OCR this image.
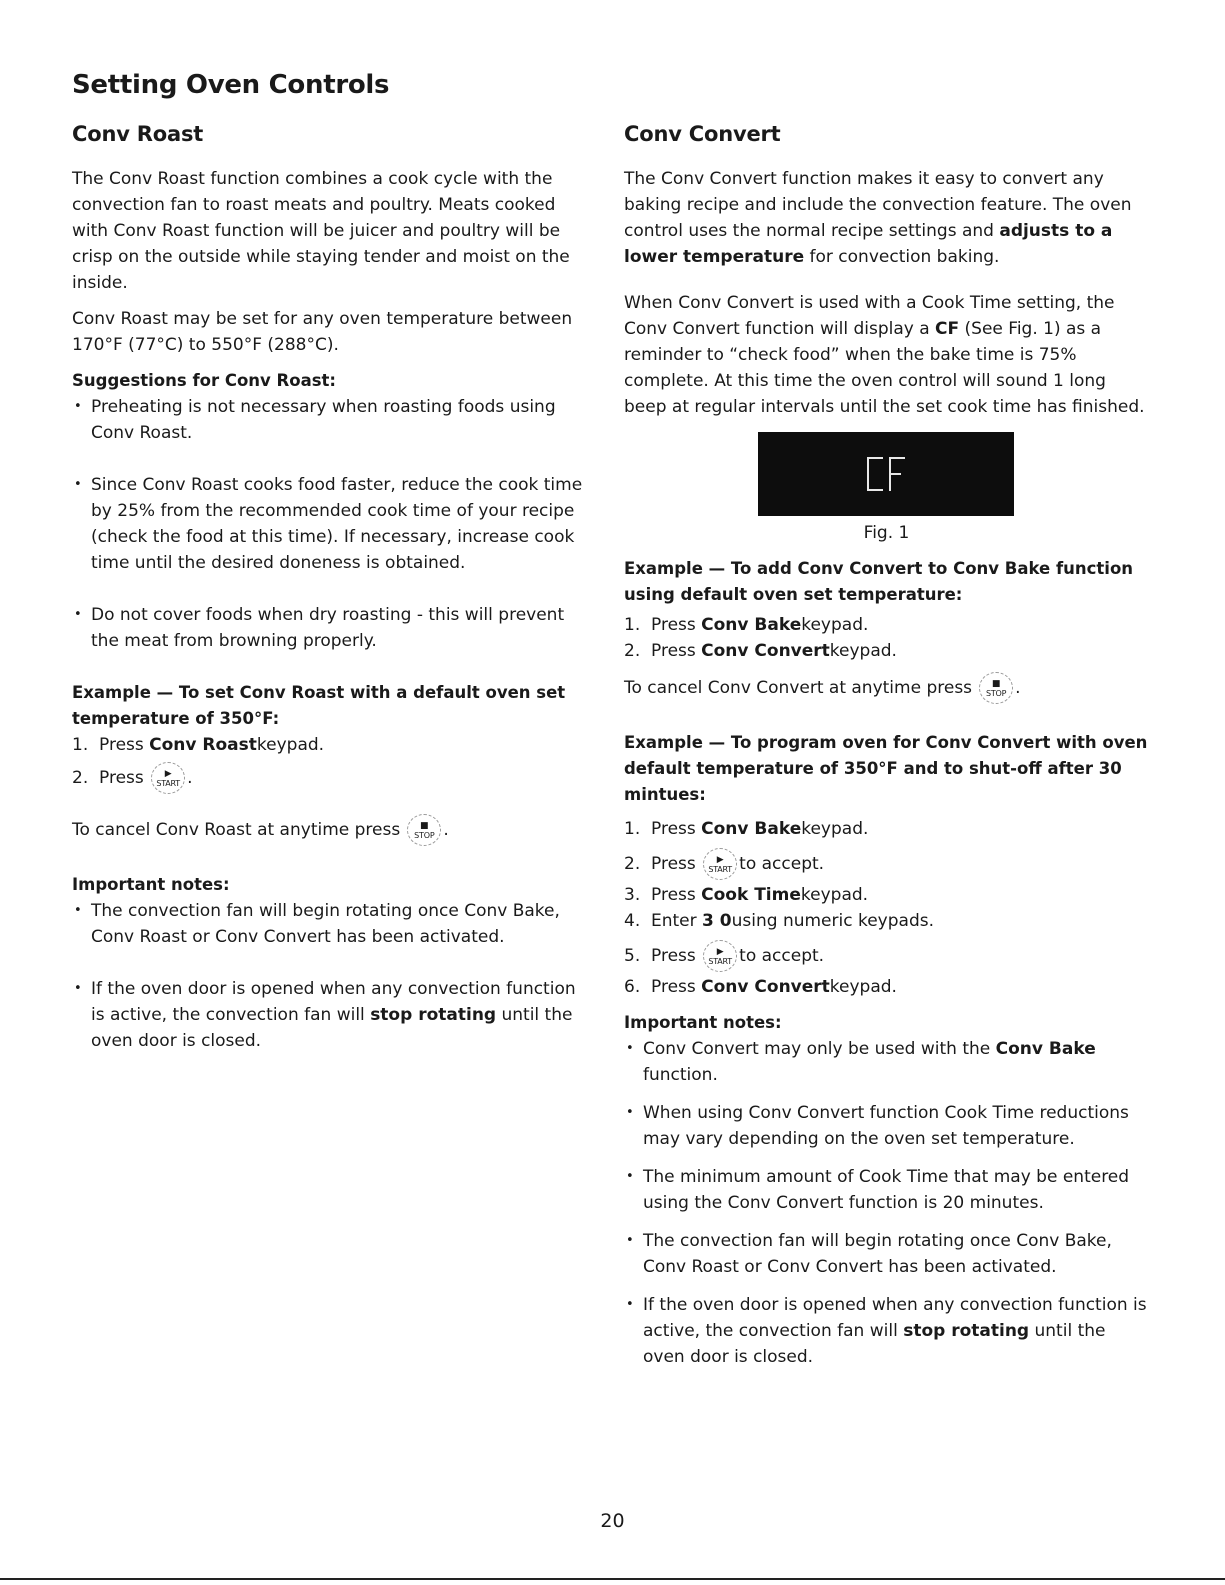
Setting Oven Controls
Conv Roast

The Conv Roast function combines a cook cycle with the convection fan to roast meats and poultry. Meats cooked with Conv Roast function will be juicer and poultry will be crisp on the outside while staying tender and moist on the inside.

Conv Roast may be set for any oven temperature between 170°F (77°C) to 550°F (288°C).

Suggestions for Conv Roast:

• Preheating is not necessary when roasting foods using Conv Roast.
• Since Conv Roast cooks food faster, reduce the cook time by 25% from the recommended cook time of your recipe (check the food at this time). If necessary, increase cook time until the desired doneness is obtained.
• Do not cover foods when dry roasting - this will prevent the meat from browning properly.

Example — To set Conv Roast with a default oven set temperature of 350°F:

1. Press
Conv Roast keypad.
2. Press
▶
START .

To cancel Conv Roast at anytime press

■
STOP .

Important notes:

• The convection fan will begin rotating once Conv Bake, Conv Roast or Conv Convert has been activated.
• If the oven door is opened when any convection function is active, the convection fan will stop rotating until the oven door is closed.
Conv Convert

The Conv Convert function makes it easy to convert any baking recipe and include the convection feature. The oven control uses the normal recipe settings and adjusts to a lower temperature for convection baking.

When Conv Convert is used with a Cook Time setting, the Conv Convert function will display a CF (See Fig. 1) as a reminder to “check food” when the bake time is 75% complete. At this time the oven control will sound 1 long beep at regular intervals until the set cook time has finished.

Fig. 1

Example — To add Conv Convert to Conv Bake function using default oven set temperature:

1. Press
Conv Bake keypad.
2. Press
Conv Convert keypad.

To cancel Conv Convert at anytime press

■
STOP .

Example — To program oven for Conv Convert with oven default temperature of 350°F and to shut-off after 30 mintues:

1. Press
Conv Bake keypad.
2. Press
▶
START to accept.
3. Press
Cook Time keypad.
4. Enter
3 0 using numeric keypads.
5. Press
▶
START to accept.
6. Press
Conv Convert keypad.

Important notes:

• Conv Convert may only be used with the Conv Bake function.
• When using Conv Convert function Cook Time reductions may vary depending on the oven set temperature.
• The minimum amount of Cook Time that may be entered using the Conv Convert function is 20 minutes.
• The convection fan will begin rotating once Conv Bake, Conv Roast or Conv Convert has been activated.
• If the oven door is opened when any convection function is active, the convection fan will stop rotating until the oven door is closed.
20
